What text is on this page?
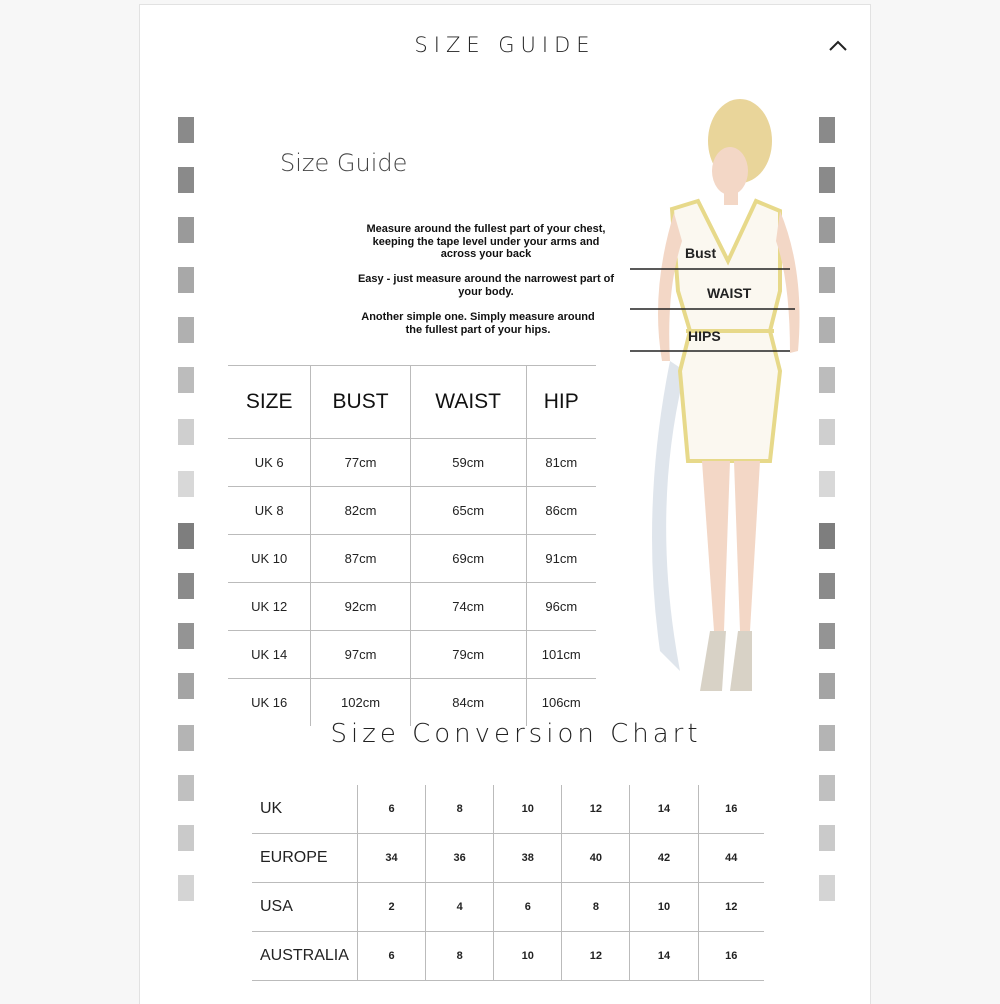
SIZE GUIDE
Size Guide
Measure around the fullest part of your chest, keeping the tape level under your arms and across your back
Easy - just measure around the narrowest part of your body.
Another simple one. Simply measure around the fullest part of your hips.
Bust
WAIST
HIPS
SIZE	BUST	WAIST	HIP
UK 6	77cm	59cm	81cm
UK 8	82cm	65cm	86cm
UK 10	87cm	69cm	91cm
UK 12	92cm	74cm	96cm
UK 14	97cm	79cm	101cm
UK 16	102cm	84cm	106cm
Size Conversion Chart
UK	6	8	10	12	14	16
EUROPE	34	36	38	40	42	44
USA	2	4	6	8	10	12
AUSTRALIA	6	8	10	12	14	16
